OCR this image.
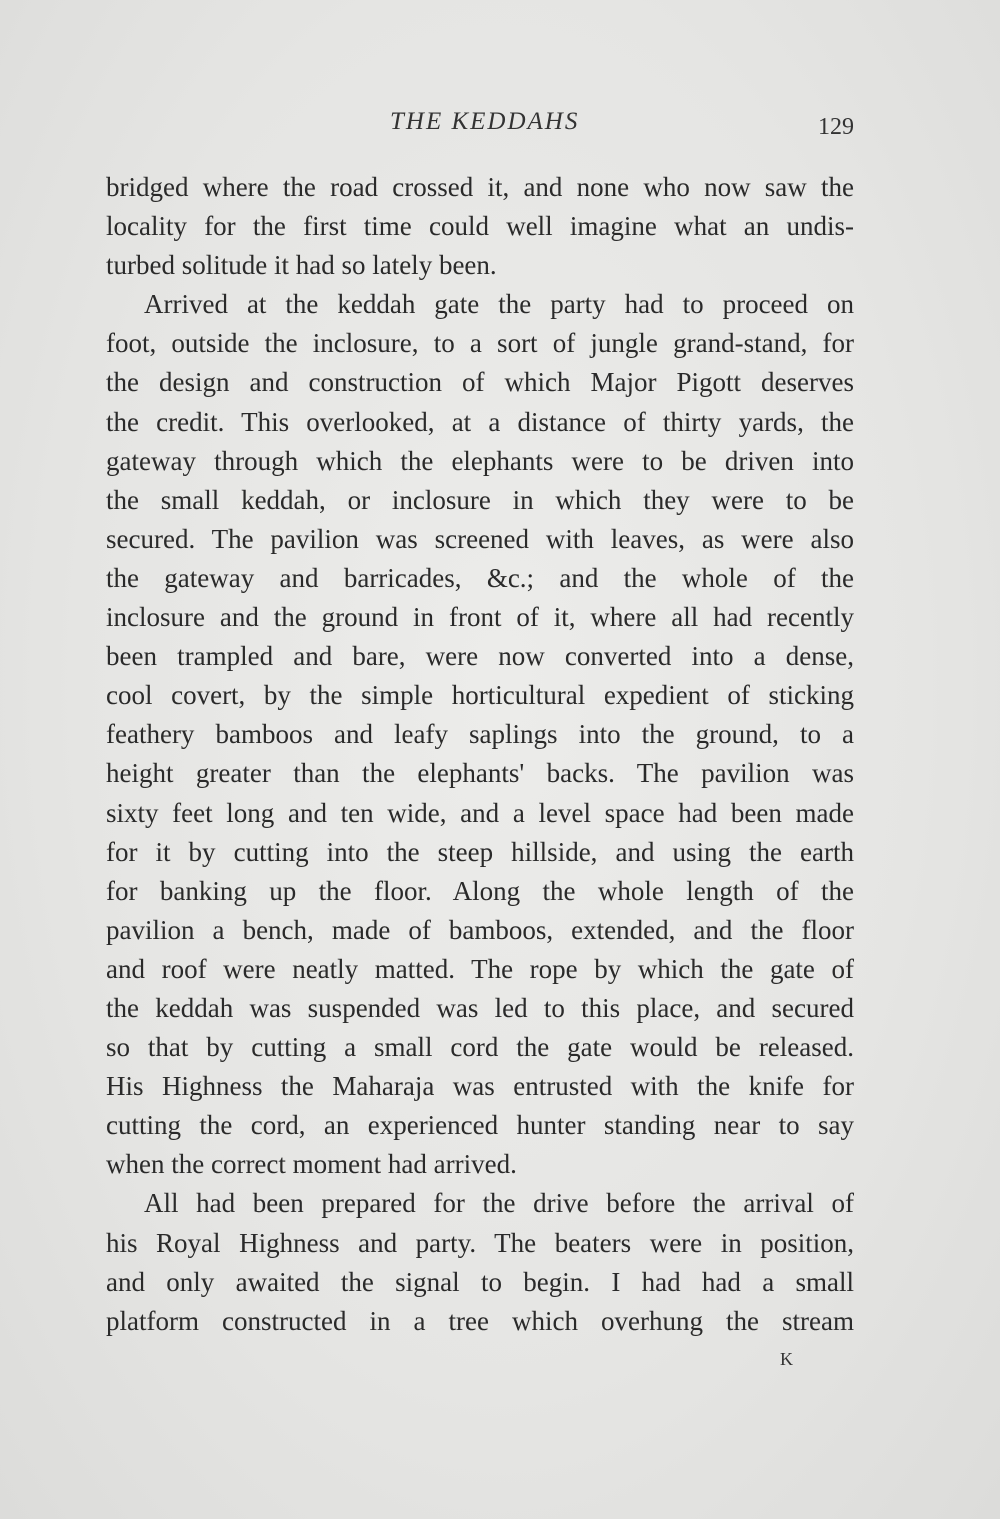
THE KEDDAHS	129
bridged where the road crossed it, and none who now saw the
locality for the first time could well imagine what an undis-
turbed solitude it had so lately been.
Arrived at the keddah gate the party had to proceed on
foot, outside the inclosure, to a sort of jungle grand-stand, for
the design and construction of which Major Pigott deserves
the credit. This overlooked, at a distance of thirty yards, the
gateway through which the elephants were to be driven into
the small keddah, or inclosure in which they were to be
secured. The pavilion was screened with leaves, as were also
the gateway and barricades, &c.; and the whole of the
inclosure and the ground in front of it, where all had recently
been trampled and bare, were now converted into a dense,
cool covert, by the simple horticultural expedient of sticking
feathery bamboos and leafy saplings into the ground, to a
height greater than the elephants' backs. The pavilion was
sixty feet long and ten wide, and a level space had been made
for it by cutting into the steep hillside, and using the earth
for banking up the floor. Along the whole length of the
pavilion a bench, made of bamboos, extended, and the floor
and roof were neatly matted. The rope by which the gate of
the keddah was suspended was led to this place, and secured
so that by cutting a small cord the gate would be released.
His Highness the Maharaja was entrusted with the knife for
cutting the cord, an experienced hunter standing near to say
when the correct moment had arrived.
All had been prepared for the drive before the arrival of
his Royal Highness and party. The beaters were in position,
and only awaited the signal to begin. I had had a small
platform constructed in a tree which overhung the stream
K
